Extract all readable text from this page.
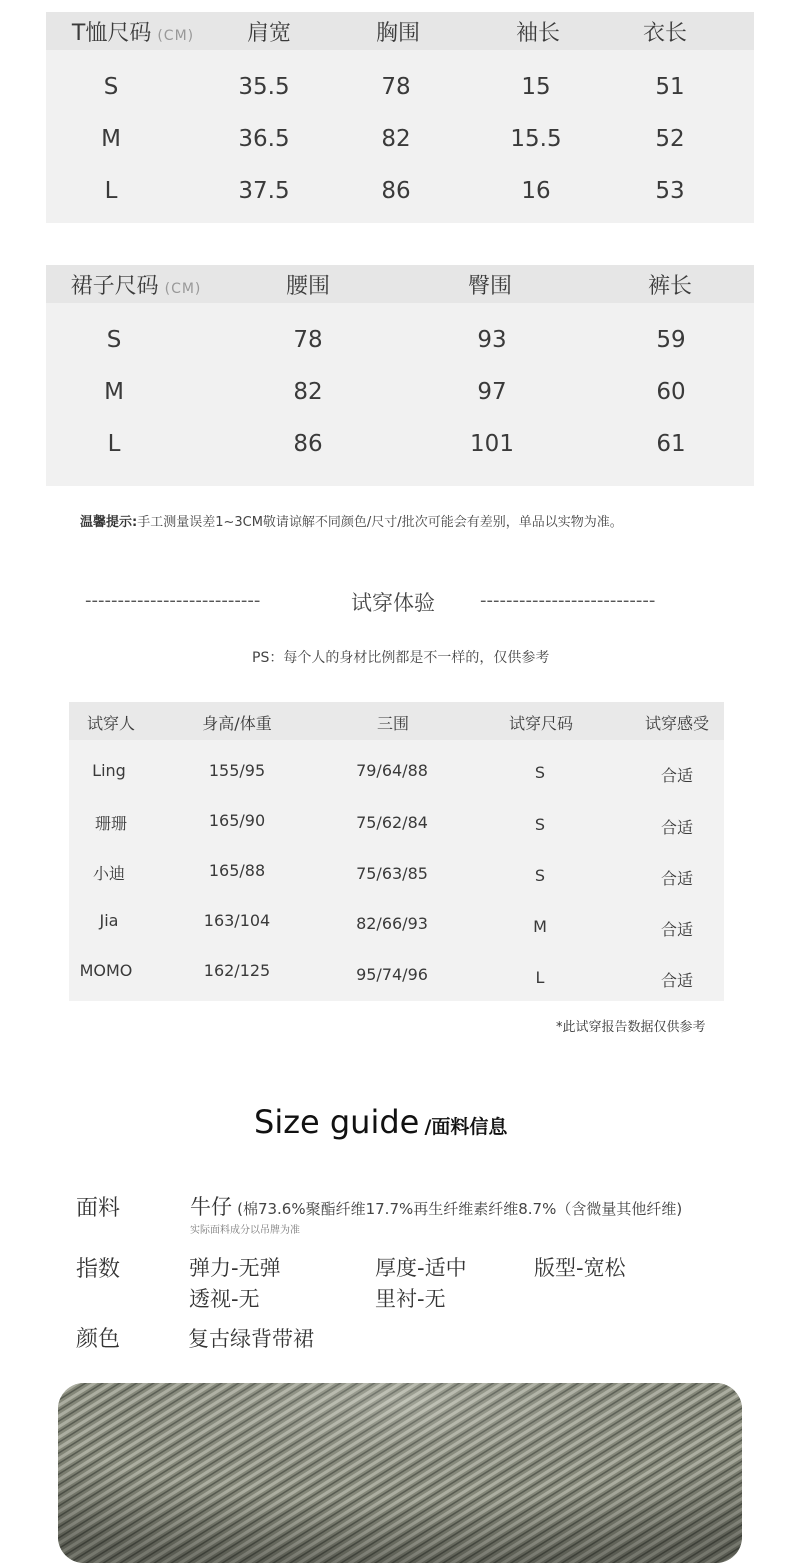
T恤尺码 (CM) 肩宽	胸围	袖长	衣长
S	35.5	78	15	51
M	36.5	82	15.5	52
L	37.5	86	16	53
裙子尺码 (CM)	腰围	臀围	裤长
S	78	93	59
M	82	97	60
L	86	101	61
温馨提示:手工测量误差1~3CM敬请谅解不同颜色/尺寸/批次可能会有差别，单品以实物为准。
---------------------------	试穿体验	---------------------------
PS：每个人的身材比例都是不一样的，仅供参考
试穿人	身高/体重	三围	试穿尺码	试穿感受
Ling	155/95	79/64/88	S	合适
珊珊	165/90	75/62/84	S	合适
小迪	165/88	75/63/85	S	合适
Jia	163/104	82/66/93	M	合适
MOMO	162/125	95/74/96	L	合适
*此试穿报告数据仅供参考
Size guide /面料信息
面料	牛仔 (棉73.6%聚酯纤维17.7%再生纤维素纤维8.7%（含微量其他纤维)
实际面料成分以吊牌为准
指数	弹力-无弹	厚度-适中	版型-宽松
透视-无	里衬-无
颜色	复古绿背带裙
